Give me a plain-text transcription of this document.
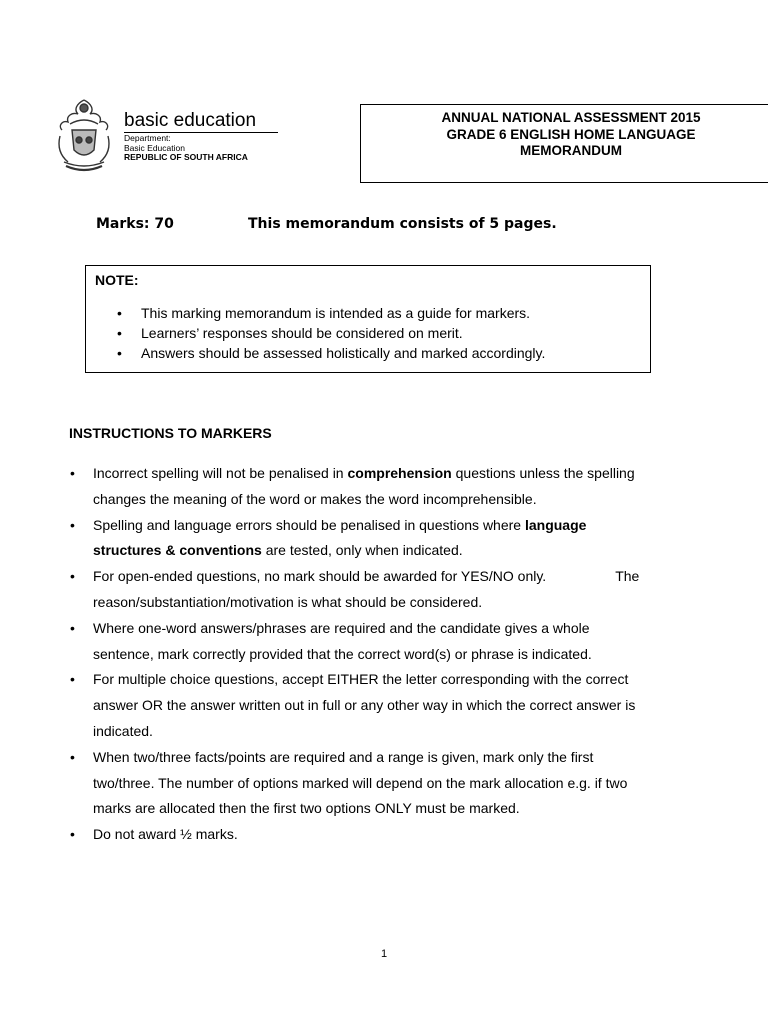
basic education
Department:
Basic Education
REPUBLIC OF SOUTH AFRICA
ANNUAL NATIONAL ASSESSMENT 2015
GRADE 6 ENGLISH HOME LANGUAGE
MEMORANDUM
Marks: 70	This memorandum consists of 5 pages.
NOTE:
• This marking memorandum is intended as a guide for markers.
• Learners’ responses should be considered on merit.
• Answers should be assessed holistically and marked accordingly.
INSTRUCTIONS TO MARKERS
• Incorrect spelling will not be penalised in comprehension questions unless the spelling
changes the meaning of the word or makes the word incomprehensible.
• Spelling and language errors should be penalised in questions where language
structures & conventions are tested, only when indicated.
• For open-ended questions, no mark should be awarded for YES/NO only.	The
reason/substantiation/motivation is what should be considered.
• Where one-word answers/phrases are required and the candidate gives a whole
sentence, mark correctly provided that the correct word(s) or phrase is indicated.
• For multiple choice questions, accept EITHER the letter corresponding with the correct
answer OR the answer written out in full or any other way in which the correct answer is
indicated.
• When two/three facts/points are required and a range is given, mark only the first
two/three. The number of options marked will depend on the mark allocation e.g. if two
marks are allocated then the first two options ONLY must be marked.
• Do not award ½ marks.
1
